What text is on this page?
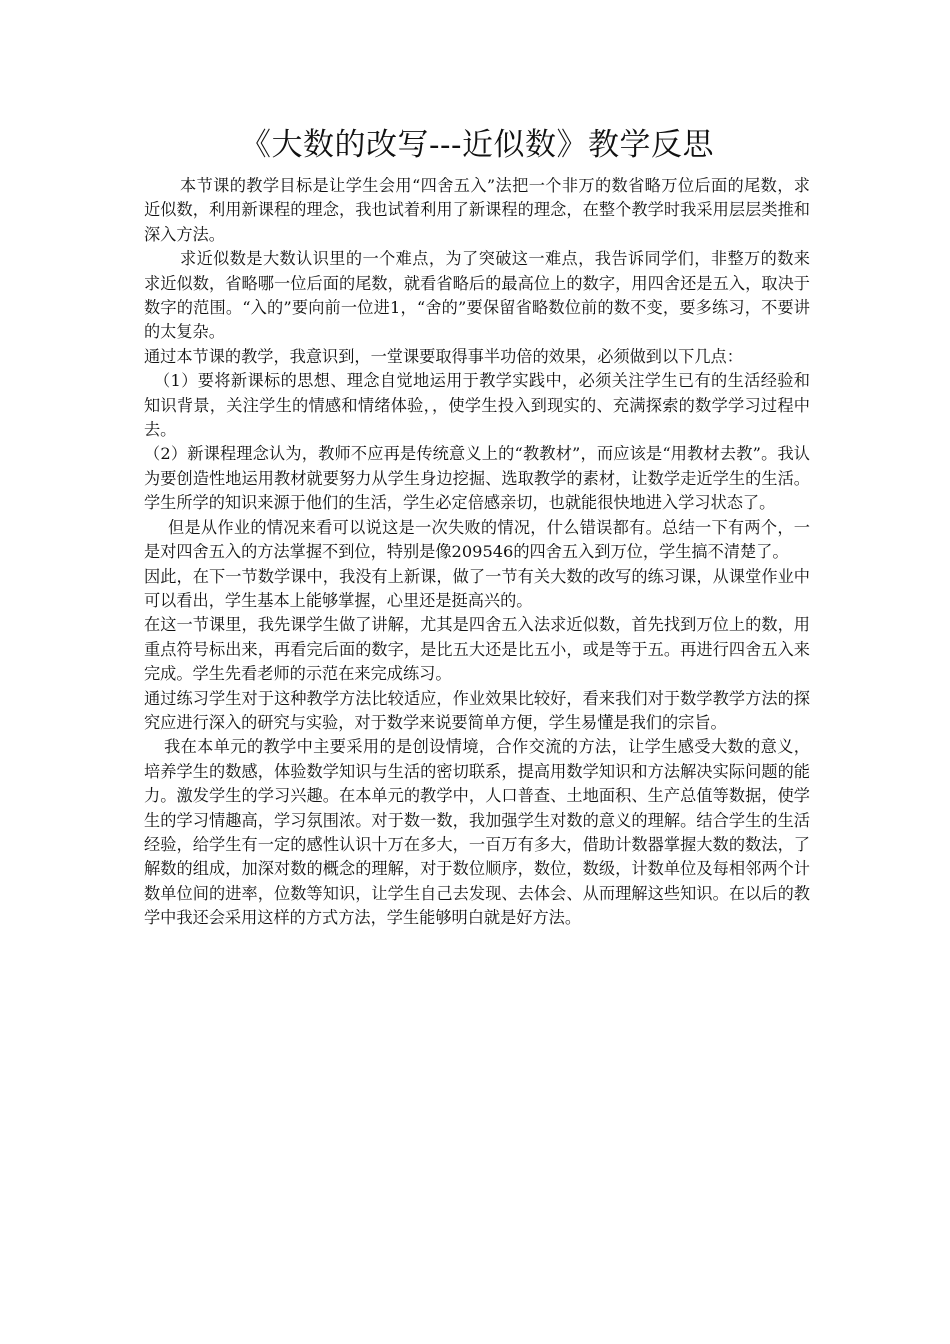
《大数的改写---近似数》教学反思

本节课的教学目标是让学生会用“四舍五入”法把一个非万的数省略万位后面的尾数，求近似数，利用新课程的理念，我也试着利用了新课程的理念，在整个教学时我采用层层类推和深入方法。

求近似数是大数认识里的一个难点，为了突破这一难点，我告诉同学们，非整万的数来求近似数，省略哪一位后面的尾数，就看省略后的最高位上的数字，用四舍还是五入，取决于数字的范围。“入的”要向前一位进1，“舍的”要保留省略数位前的数不变，要多练习，不要讲的太复杂。

通过本节课的教学，我意识到，一堂课要取得事半功倍的效果，必须做到以下几点：

（1）要将新课标的思想、理念自觉地运用于教学实践中，必须关注学生已有的生活经验和知识背景，关注学生的情感和情绪体验，，使学生投入到现实的、充满探索的数学学习过程中去。

（2）新课程理念认为，教师不应再是传统意义上的“教教材”，而应该是“用教材去教”。我认为要创造性地运用教材就要努力从学生身边挖掘、选取教学的素材，让数学走近学生的生活。学生所学的知识来源于他们的生活，学生必定倍感亲切，也就能很快地进入学习状态了。

但是从作业的情况来看可以说这是一次失败的情况，什么错误都有。总结一下有两个，一是对四舍五入的方法掌握不到位，特别是像209546的四舍五入到万位，学生搞不清楚了。

因此，在下一节数学课中，我没有上新课，做了一节有关大数的改写的练习课，从课堂作业中可以看出，学生基本上能够掌握，心里还是挺高兴的。

在这一节课里，我先课学生做了讲解，尤其是四舍五入法求近似数，首先找到万位上的数，用重点符号标出来，再看完后面的数字，是比五大还是比五小，或是等于五。再进行四舍五入来完成。学生先看老师的示范在来完成练习。

通过练习学生对于这种教学方法比较适应，作业效果比较好，看来我们对于数学教学方法的探究应进行深入的研究与实验，对于数学来说要简单方便，学生易懂是我们的宗旨。

我在本单元的教学中主要采用的是创设情境，合作交流的方法，让学生感受大数的意义，培养学生的数感，体验数学知识与生活的密切联系，提高用数学知识和方法解决实际问题的能力。激发学生的学习兴趣。在本单元的教学中，人口普查、土地面积、生产总值等数据，使学生的学习情趣高，学习氛围浓。对于数一数，我加强学生对数的意义的理解。结合学生的生活经验，给学生有一定的感性认识十万在多大，一百万有多大，借助计数器掌握大数的数法，了解数的组成，加深对数的概念的理解，对于数位顺序，数位，数级，计数单位及每相邻两个计数单位间的进率，位数等知识，让学生自己去发现、去体会、从而理解这些知识。在以后的教学中我还会采用这样的方式方法，学生能够明白就是好方法。
